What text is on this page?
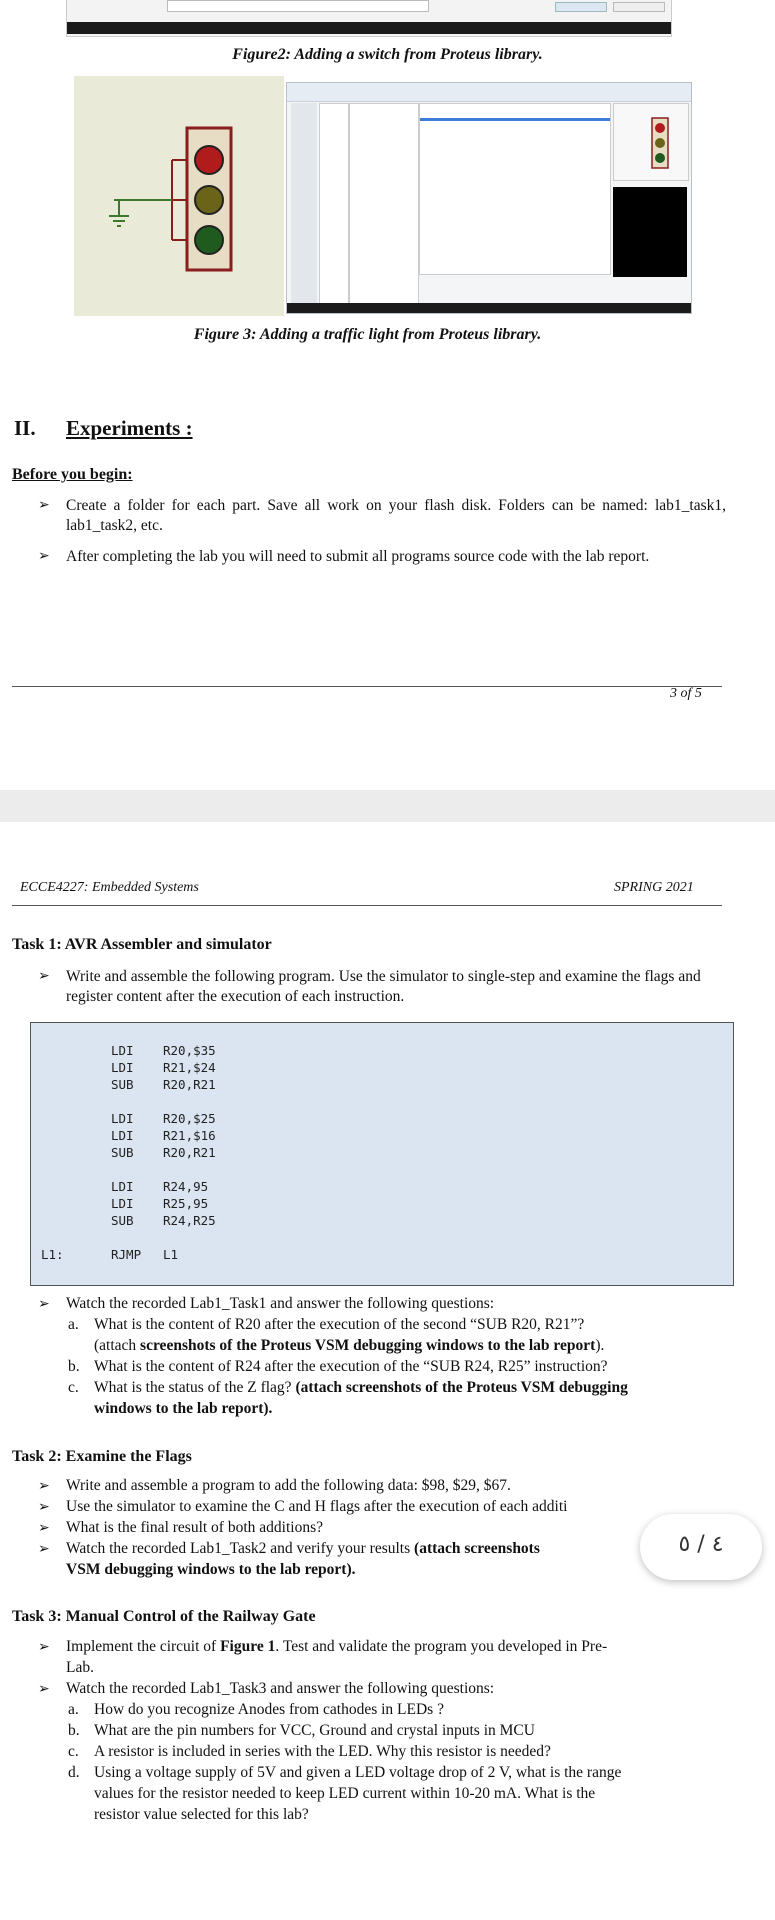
Figure2: Adding a switch from Proteus library.
Figure 3: Adding a traffic light from Proteus library.
II. Experiments :
Before you begin:
➢ Create a folder for each part. Save all work on your flash disk. Folders can be named: lab1_task1, lab1_task2, etc.
➢ After completing the lab you will need to submit all programs source code with the lab report.
3 of 5
ECCE4227: Embedded Systems	SPRING 2021
Task 1: AVR Assembler and simulator
➢ Write and assemble the following program. Use the simulator to single-step and examine the flags and register content after the execution of each instruction.
LDI R20,$35
LDI R21,$24
SUB R20,R21
LDI R20,$25
LDI R21,$16
SUB R20,R21
LDI R24,95
LDI R25,95
SUB R24,R25
L1:	RJMP L1
➢ Watch the recorded Lab1_Task1 and answer the following questions:
a. What is the content of R20 after the execution of the second “SUB R20, R21”?
(attach screenshots of the Proteus VSM debugging windows to the lab report).
b. What is the content of R24 after the execution of the “SUB R24, R25” instruction?
c. What is the status of the Z flag? (attach screenshots of the Proteus VSM debugging
windows to the lab report).
Task 2: Examine the Flags
➢ Write and assemble a program to add the following data: $98, $29, $67.
➢ Use the simulator to examine the C and H flags after the execution of each additi
➢ What is the final result of both additions?
➢ Watch the recorded Lab1_Task2 and verify your results (attach screenshots
VSM debugging windows to the lab report).
Task 3: Manual Control of the Railway Gate
➢ Implement the circuit of Figure 1. Test and validate the program you developed in Pre-
Lab.
➢ Watch the recorded Lab1_Task3 and answer the following questions:
a. How do you recognize Anodes from cathodes in LEDs ?
b. What are the pin numbers for VCC, Ground and crystal inputs in MCU
c. A resistor is included in series with the LED. Why this resistor is needed?
d. Using a voltage supply of 5V and given a LED voltage drop of 2 V, what is the range
values for the resistor needed to keep LED current within 10-20 mA. What is the
resistor value selected for this lab?
٤ / ٥
